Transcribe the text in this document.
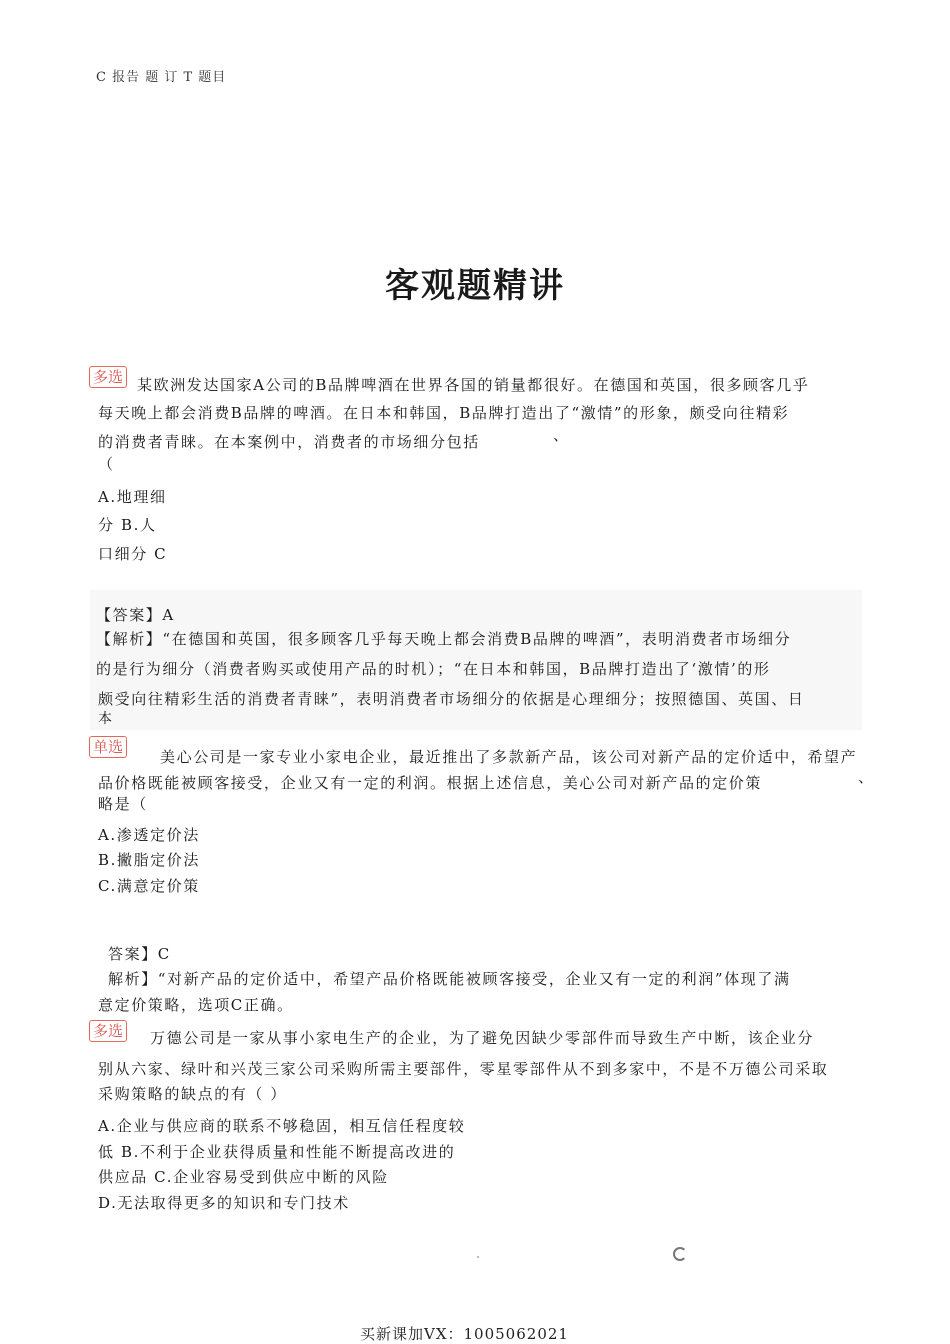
C 报告 题 订 T 题目
客观题精讲
多选 某欧洲发达国家A公司的B品牌啤酒在世界各国的销量都很好。在德国和英国，很多顾客几乎
每天晚上都会消费B品牌的啤酒。在日本和韩国，B品牌打造出了“激情”的形象，颇受向往精彩
的消费者青睐。在本案例中，消费者的市场细分包括	、
（
A.地理细
分 B.人
口细分 C
【答案】A
【解析】“在德国和英国，很多顾客几乎每天晚上都会消费B品牌的啤酒”，表明消费者市场细分
的是行为细分（消费者购买或使用产品的时机）；“在日本和韩国，B品牌打造出了‘激情’的形
颇受向往精彩生活的消费者青睐”，表明消费者市场细分的依据是心理细分；按照德国、英国、日
本
单选
美心公司是一家专业小家电企业，最近推出了多款新产品，该公司对新产品的定价适中，希望产
品价格既能被顾客接受，企业又有一定的利润。根据上述信息，美心公司对新产品的定价策	、
略是（
A.渗透定价法
B.撇脂定价法
C.满意定价策
答案】C
解析】“对新产品的定价适中，希望产品价格既能被顾客接受，企业又有一定的利润”体现了满
意定价策略，选项C正确。
多选 万德公司是一家从事小家电生产的企业，为了避免因缺少零部件而导致生产中断，该企业分
别从六家、绿叶和兴茂三家公司采购所需主要部件，零星零部件从不到多家中，不是不万德公司采取
采购策略的缺点的有（ ）
A.企业与供应商的联系不够稳固，相互信任程度较
低 B.不利于企业获得质量和性能不断提高改进的
供应品 C.企业容易受到供应中断的风险
D.无法取得更多的知识和专门技术
买新课加VX：1005062021
